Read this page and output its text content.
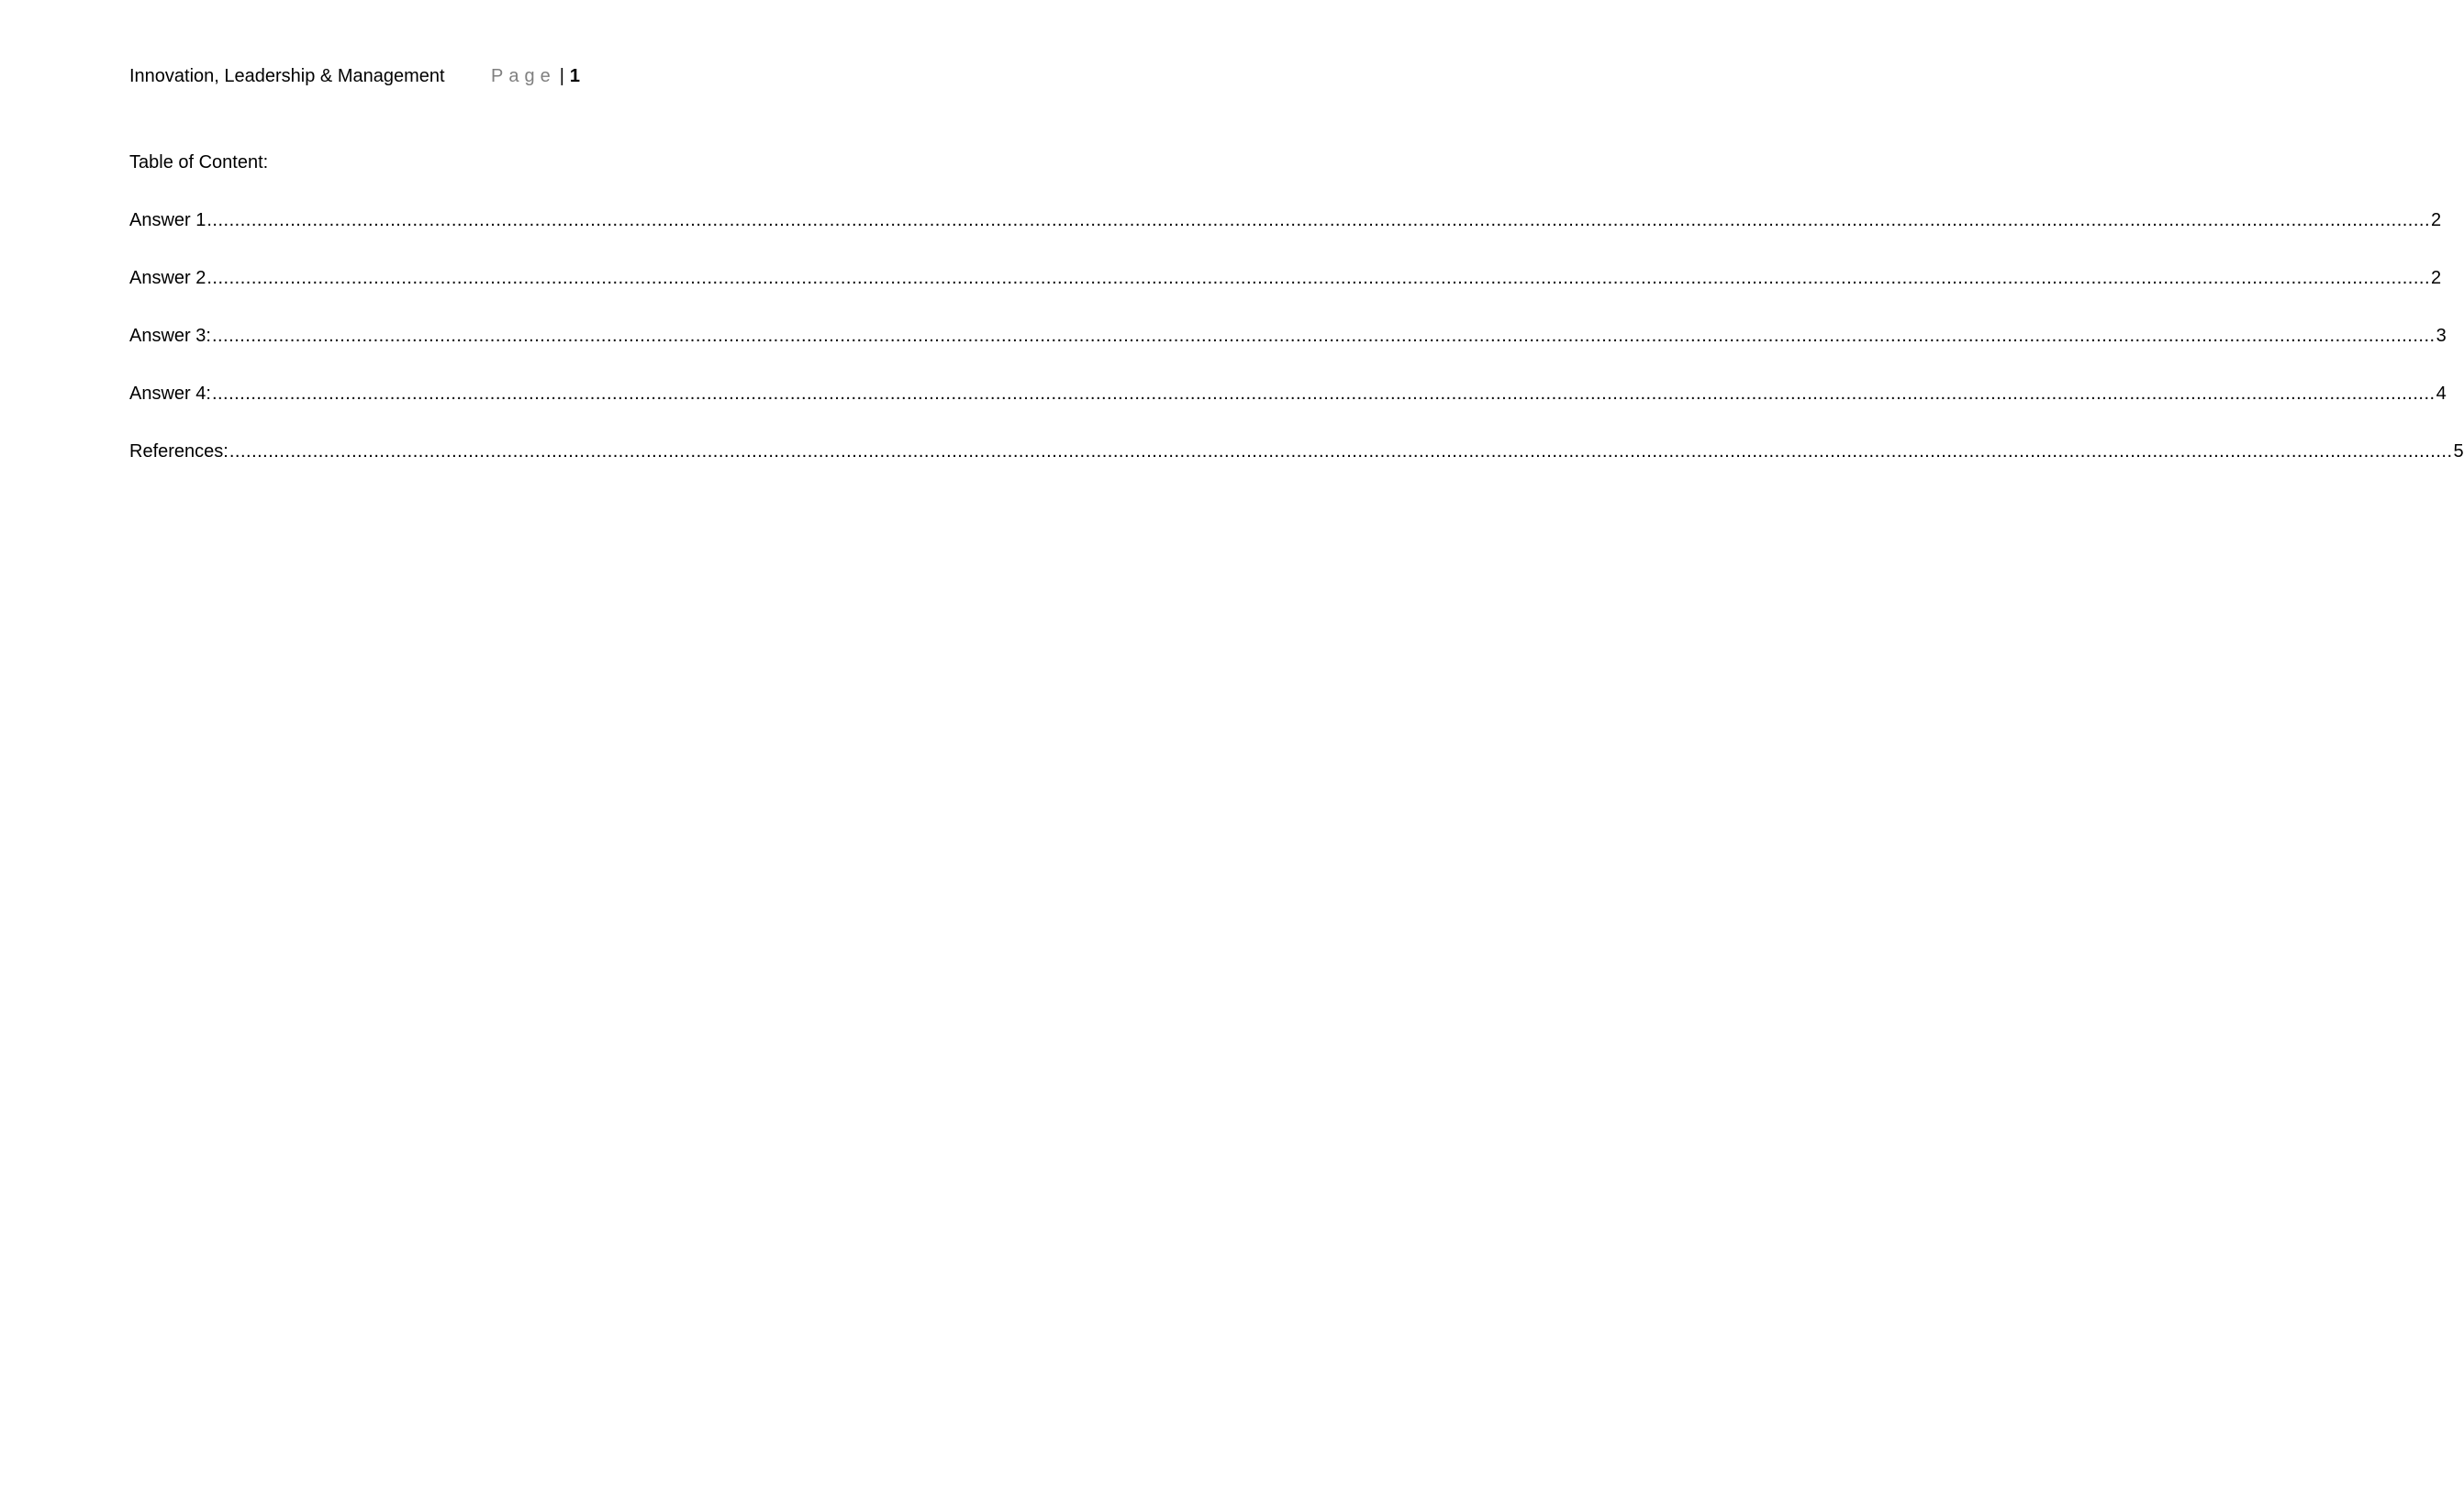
Innovation, Leadership & Management	Page | 1
Table of Content:
Answer 1 ................................................................................................................................................................................................................................................................................................................................................................................................................ 2
Answer 2 ................................................................................................................................................................................................................................................................................................................................................................................................................ 2
Answer 3: ................................................................................................................................................................................................................................................................................................................................................................................................................ 3
Answer 4: ................................................................................................................................................................................................................................................................................................................................................................................................................ 4
References: ................................................................................................................................................................................................................................................................................................................................................................................................................ 5
